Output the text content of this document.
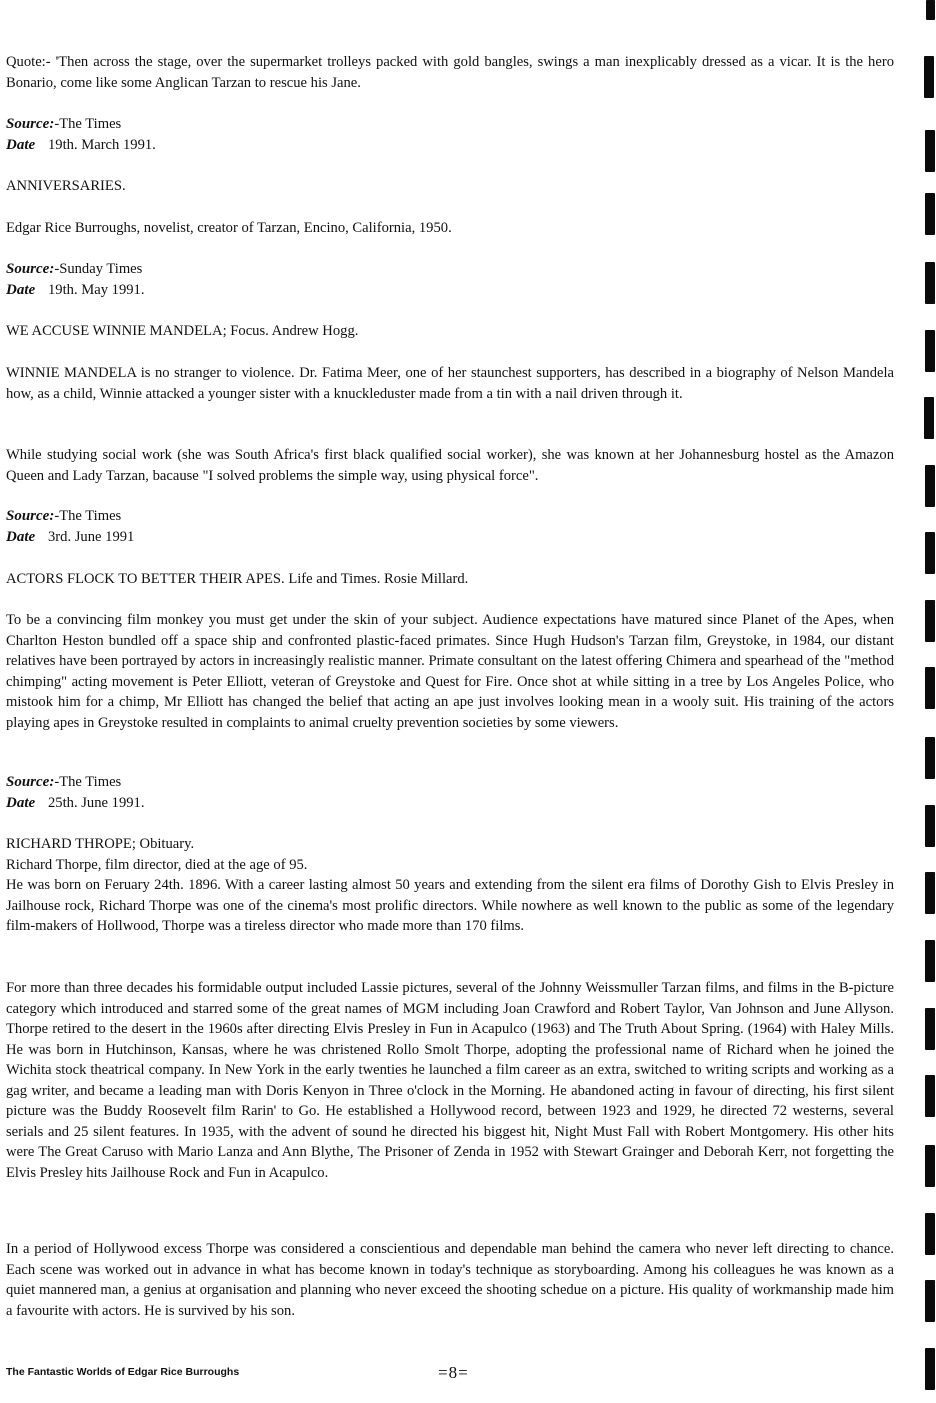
Quote:- 'Then across the stage, over the supermarket trolleys packed with gold bangles, swings a man inexplicably dressed as a vicar. It is the hero Bonario, come like some Anglican Tarzan to rescue his Jane.

Source:-The Times
Date 19th. March 1991.

ANNIVERSARIES.

Edgar Rice Burroughs, novelist, creator of Tarzan, Encino, California, 1950.

Source:-Sunday Times
Date 19th. May 1991.

WE ACCUSE WINNIE MANDELA; Focus. Andrew Hogg.

WINNIE MANDELA is no stranger to violence. Dr. Fatima Meer, one of her staunchest supporters, has described in a biography of Nelson Mandela how, as a child, Winnie attacked a younger sister with a knuckleduster made from a tin with a nail driven through it.

While studying social work (she was South Africa's first black qualified social worker), she was known at her Johannesburg hostel as the Amazon Queen and Lady Tarzan, bacause "I solved problems the simple way, using physical force".

Source:-The Times
Date 3rd. June 1991

ACTORS FLOCK TO BETTER THEIR APES. Life and Times. Rosie Millard.

To be a convincing film monkey you must get under the skin of your subject. Audience expectations have matured since Planet of the Apes, when Charlton Heston bundled off a space ship and confronted plastic-faced primates. Since Hugh Hudson's Tarzan film, Greystoke, in 1984, our distant relatives have been portrayed by actors in increasingly realistic manner. Primate consultant on the latest offering Chimera and spearhead of the "method chimping" acting movement is Peter Elliott, veteran of Greystoke and Quest for Fire. Once shot at while sitting in a tree by Los Angeles Police, who mistook him for a chimp, Mr Elliott has changed the belief that acting an ape just involves looking mean in a wooly suit. His training of the actors playing apes in Greystoke resulted in complaints to animal cruelty prevention societies by some viewers.

Source:-The Times
Date 25th. June 1991.
RICHARD THROPE; Obituary.
Richard Thorpe, film director, died at the age of 95.

He was born on Feruary 24th. 1896. With a career lasting almost 50 years and extending from the silent era films of Dorothy Gish to Elvis Presley in Jailhouse rock, Richard Thorpe was one of the cinema's most prolific directors. While nowhere as well known to the public as some of the legendary film-makers of Hollwood, Thorpe was a tireless director who made more than 170 films.

For more than three decades his formidable output included Lassie pictures, several of the Johnny Weissmuller Tarzan films, and films in the B-picture category which introduced and starred some of the great names of MGM including Joan Crawford and Robert Taylor, Van Johnson and June Allyson. Thorpe retired to the desert in the 1960s after directing Elvis Presley in Fun in Acapulco (1963) and The Truth About Spring. (1964) with Haley Mills. He was born in Hutchinson, Kansas, where he was christened Rollo Smolt Thorpe, adopting the professional name of Richard when he joined the Wichita stock theatrical company. In New York in the early twenties he launched a film career as an extra, switched to writing scripts and working as a gag writer, and became a leading man with Doris Kenyon in Three o'clock in the Morning. He abandoned acting in favour of directing, his first silent picture was the Buddy Roosevelt film Rarin' to Go. He established a Hollywood record, between 1923 and 1929, he directed 72 westerns, several serials and 25 silent features. In 1935, with the advent of sound he directed his biggest hit, Night Must Fall with Robert Montgomery. His other hits were The Great Caruso with Mario Lanza and Ann Blythe, The Prisoner of Zenda in 1952 with Stewart Grainger and Deborah Kerr, not forgetting the Elvis Presley hits Jailhouse Rock and Fun in Acapulco.

In a period of Hollywood excess Thorpe was considered a conscientious and dependable man behind the camera who never left directing to chance. Each scene was worked out in advance in what has become known in today's technique as storyboarding. Among his colleagues he was known as a quiet mannered man, a genius at organisation and planning who never exceed the shooting schedue on a picture. His quality of workmanship made him a favourite with actors. He is survived by his son.

The Fantastic Worlds of Edgar Rice Burroughs	=8=
